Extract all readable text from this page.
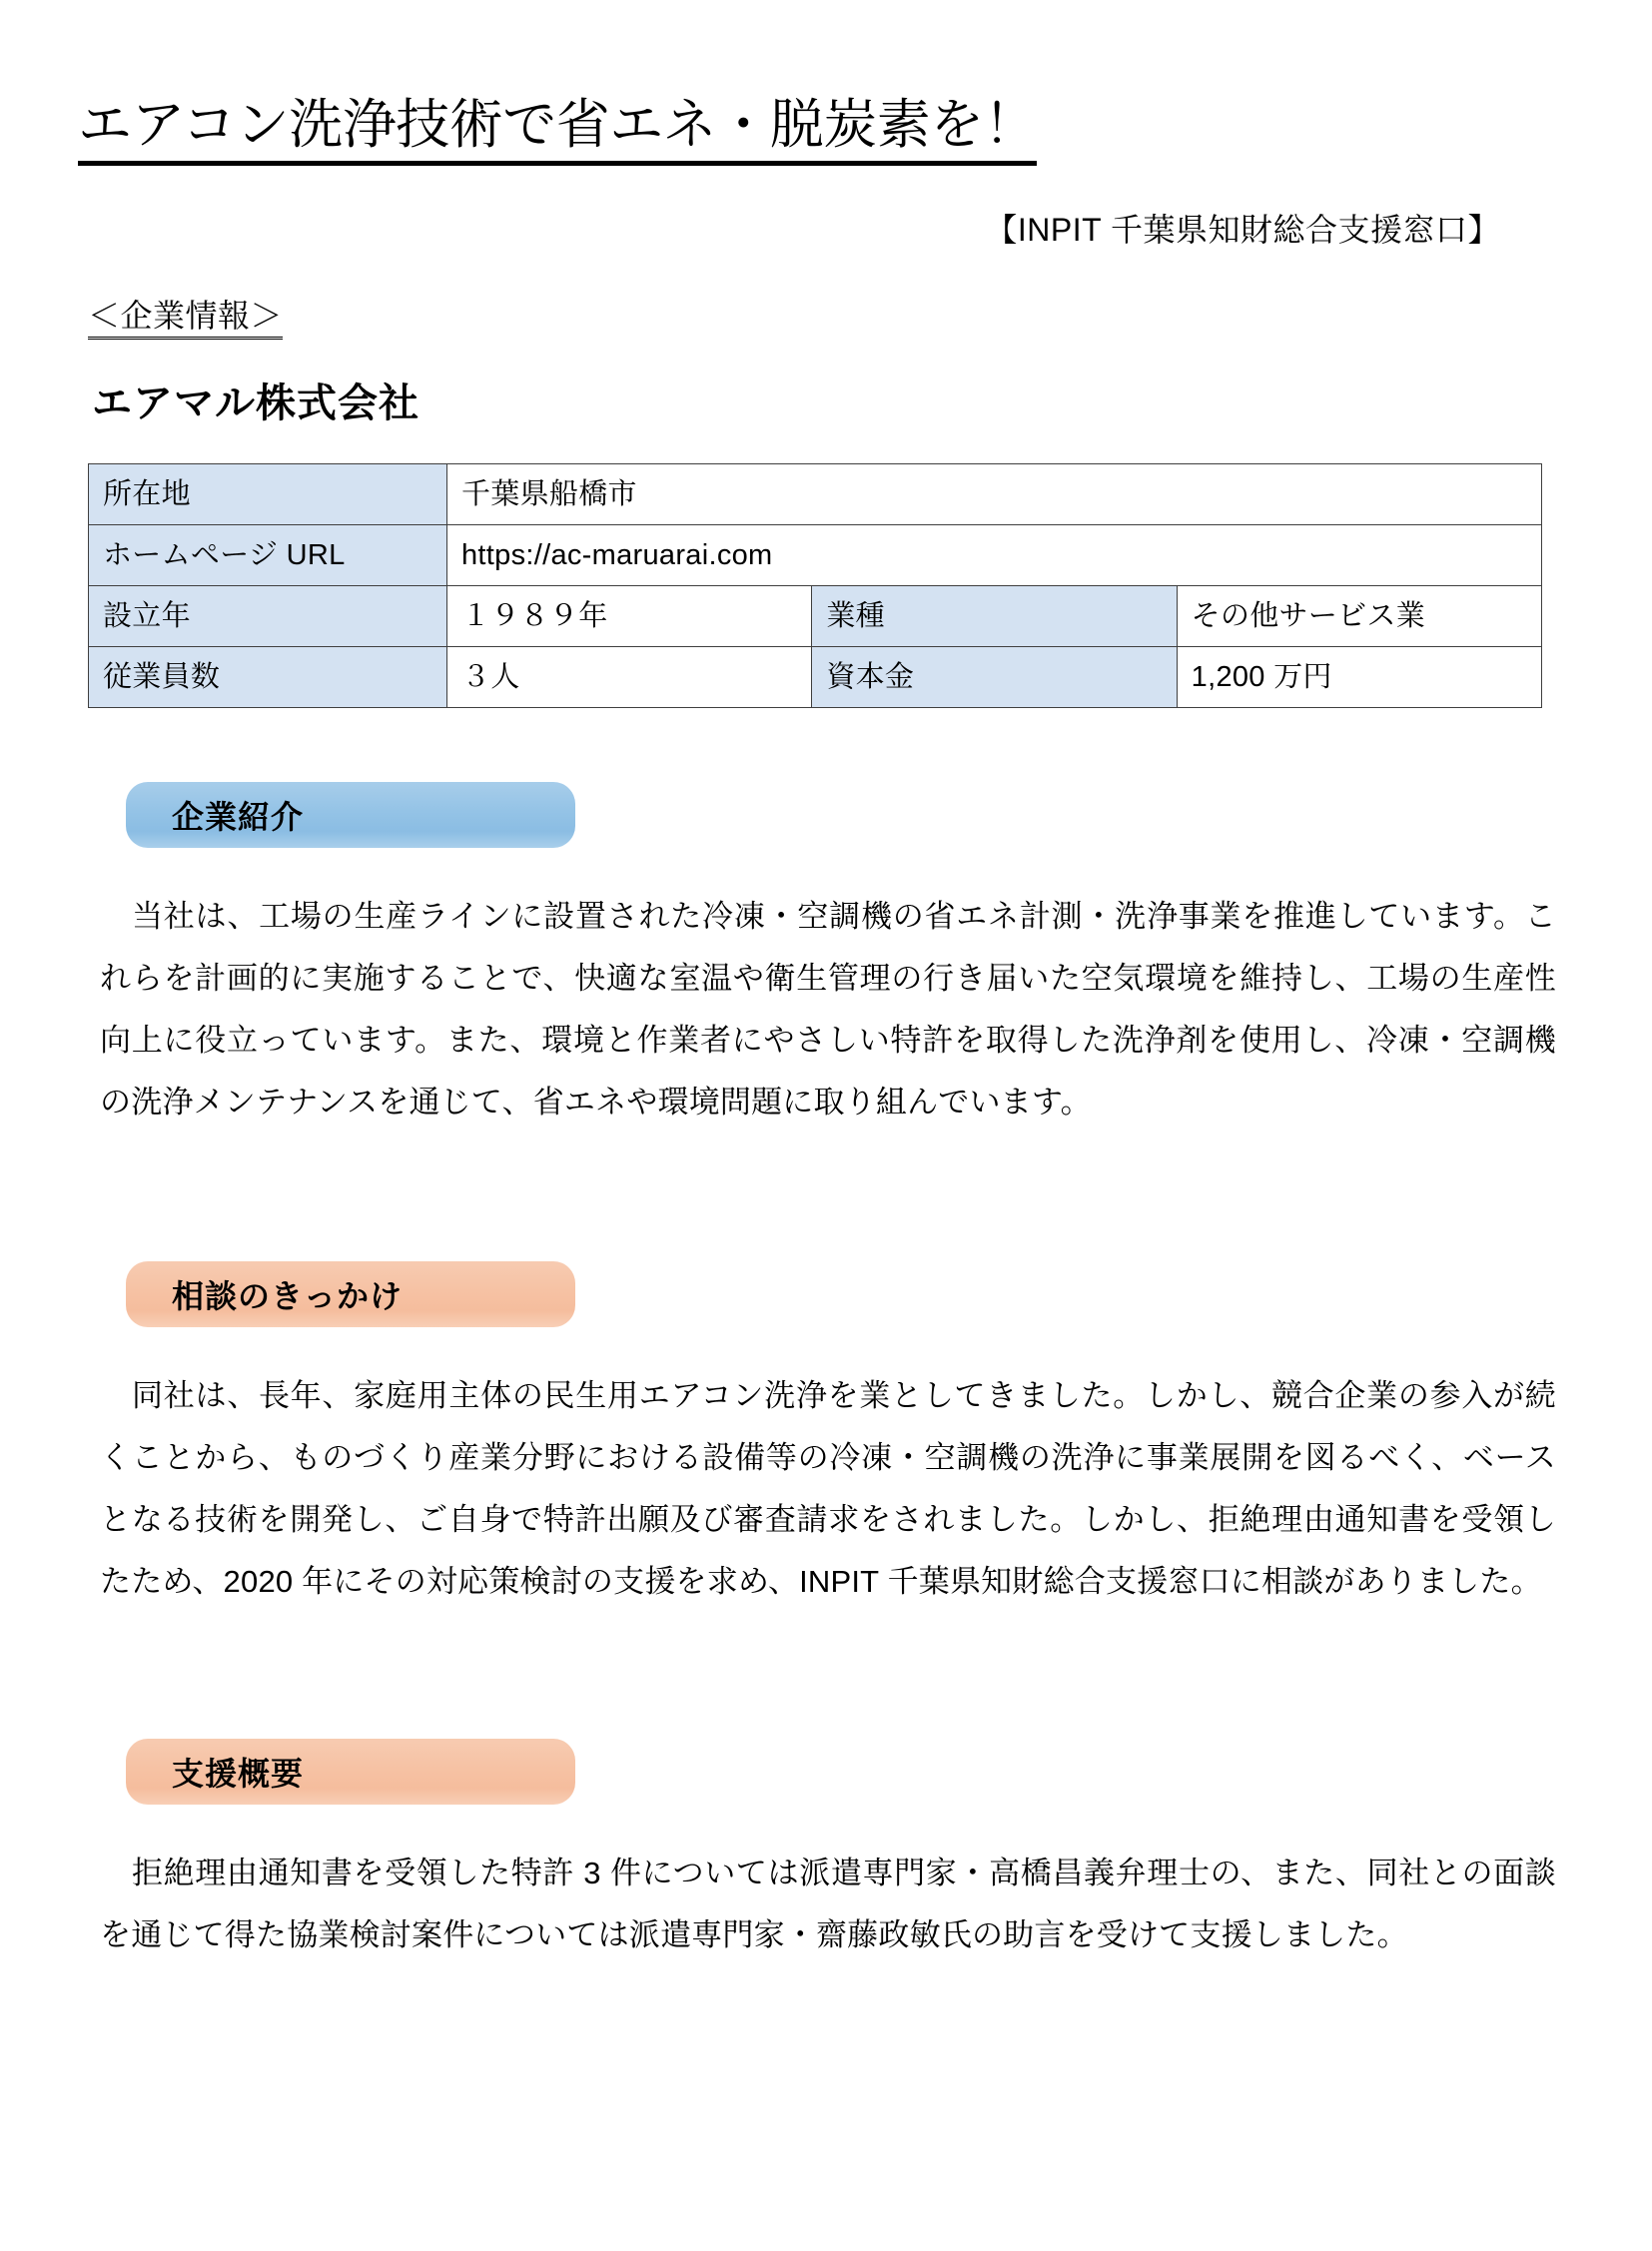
エアコン洗浄技術で省エネ・脱炭素を！
【INPIT 千葉県知財総合支援窓口】
＜企業情報＞
エアマル株式会社
所在地	千葉県船橋市		
ホームページ URL	https://ac-maruarai.com		
設立年	１９８９年	業種	その他サービス業
従業員数	３人	資本金	1,200 万円
企業紹介

当社は、工場の生産ラインに設置された冷凍・空調機の省エネ計測・洗浄事業を推進しています。これらを計画的に実施することで、快適な室温や衛生管理の行き届いた空気環境を維持し、工場の生産性向上に役立っています。また、環境と作業者にやさしい特許を取得した洗浄剤を使用し、冷凍・空調機の洗浄メンテナンスを通じて、省エネや環境問題に取り組んでいます。

相談のきっかけ

同社は、長年、家庭用主体の民生用エアコン洗浄を業としてきました。しかし、競合企業の参入が続くことから、ものづくり産業分野における設備等の冷凍・空調機の洗浄に事業展開を図るべく、ベースとなる技術を開発し、ご自身で特許出願及び審査請求をされました。しかし、拒絶理由通知書を受領したため、2020 年にその対応策検討の支援を求め、INPIT 千葉県知財総合支援窓口に相談がありました。

支援概要

拒絶理由通知書を受領した特許 3 件については派遣専門家・高橋昌義弁理士の、また、同社との面談を通じて得た協業検討案件については派遣専門家・齋藤政敏氏の助言を受けて支援しました。
